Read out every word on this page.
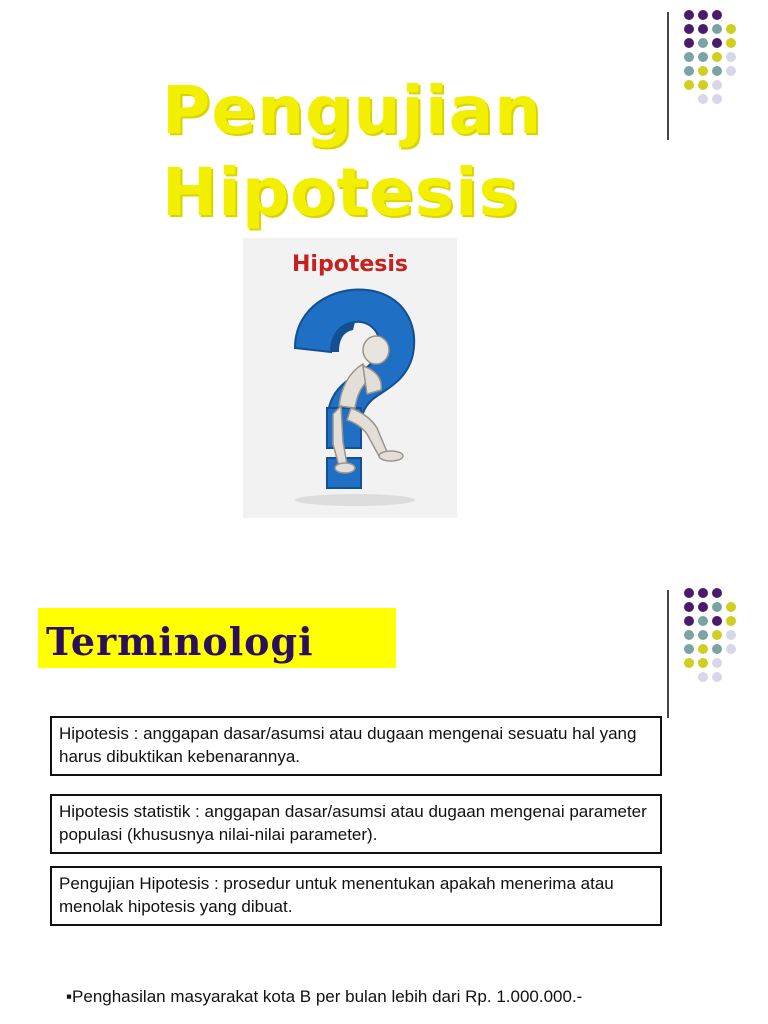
Pengujian
Hipotesis
Hipotesis
Terminologi
Hipotesis : anggapan dasar/asumsi atau dugaan mengenai sesuatu hal yang harus dibuktikan kebenarannya.
Hipotesis statistik : anggapan dasar/asumsi atau dugaan mengenai parameter populasi (khususnya nilai-nilai parameter).
Pengujian Hipotesis : prosedur untuk menentukan apakah menerima atau menolak hipotesis yang dibuat.
▪Penghasilan masyarakat kota B per bulan lebih dari Rp. 1.000.000.-
